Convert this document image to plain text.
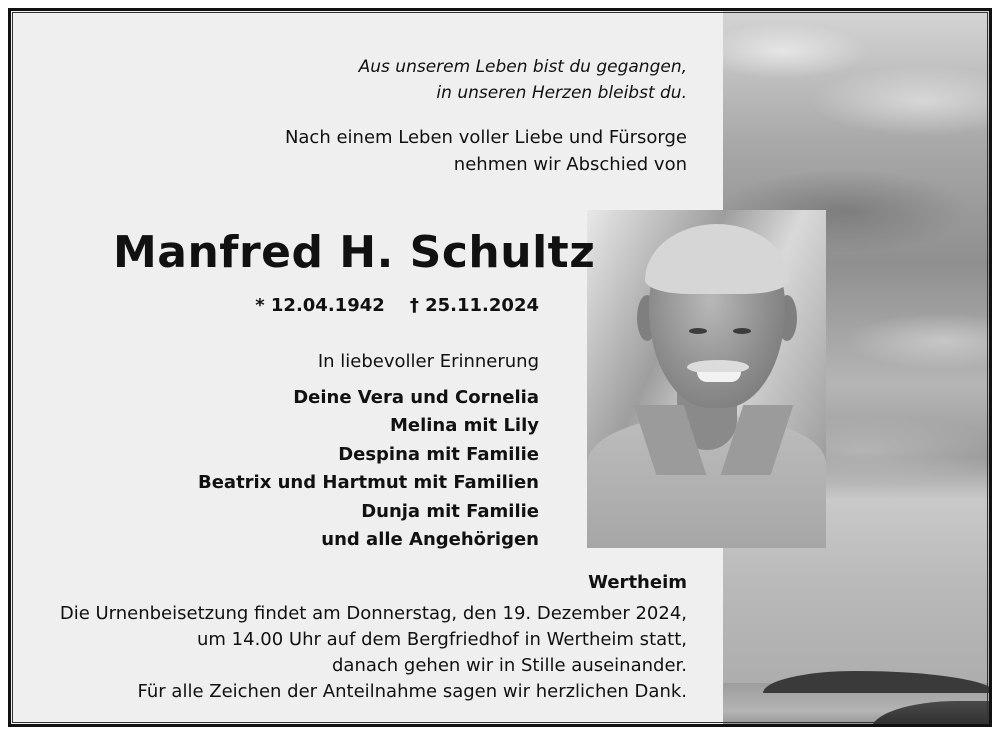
Aus unserem Leben bist du gegangen,
in unseren Herzen bleibst du.
Nach einem Leben voller Liebe und Fürsorge
nehmen wir Abschied von
Manfred H. Schultz
* 12.04.1942 † 25.11.2024
In liebevoller Erinnerung
Deine Vera und Cornelia
Melina mit Lily
Despina mit Familie
Beatrix und Hartmut mit Familien
Dunja mit Familie
und alle Angehörigen
Wertheim
Die Urnenbeisetzung findet am Donnerstag, den 19. Dezember 2024,
um 14.00 Uhr auf dem Bergfriedhof in Wertheim statt,
danach gehen wir in Stille auseinander.
Für alle Zeichen der Anteilnahme sagen wir herzlichen Dank.
